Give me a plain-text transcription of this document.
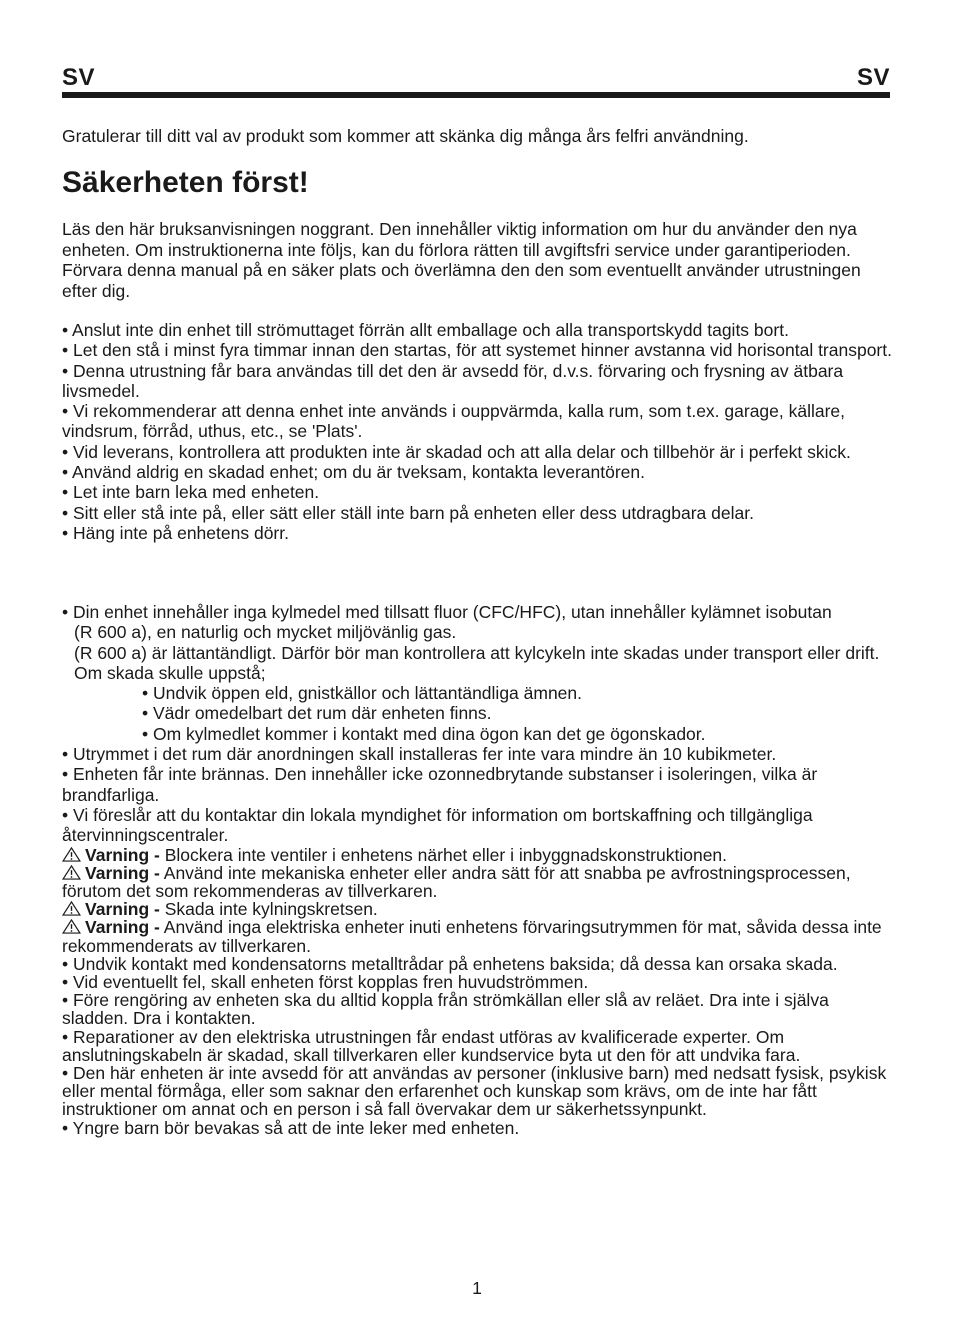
SV	SV
Gratulerar till ditt val av produkt som kommer att skänka dig många års felfri användning.
Säkerheten först!
Läs den här bruksanvisningen noggrant. Den innehåller viktig information om hur du använder den nya enheten. Om instruktionerna inte följs, kan du förlora rätten till avgiftsfri service under garantiperioden. Förvara denna manual på en säker plats och överlämna den den som eventuellt använder utrustningen efter dig.

• Anslut inte din enhet till strömuttaget förrän allt emballage och alla transportskydd tagits bort.

• Let den stå i minst fyra timmar innan den startas, för att systemet hinner avstanna vid horisontal transport.

• Denna utrustning får bara användas till det den är avsedd för, d.v.s. förvaring och frysning av ätbara livsmedel.

• Vi rekommenderar att denna enhet inte används i ouppvärmda, kalla rum, som t.ex. garage, källare, vindsrum, förråd, uthus, etc., se 'Plats'.

• Vid leverans, kontrollera att produkten inte är skadad och att alla delar och tillbehör är i perfekt skick.

• Använd aldrig en skadad enhet; om du är tveksam, kontakta leverantören.

• Let inte barn leka med enheten.

• Sitt eller stå inte på, eller sätt eller ställ inte barn på enheten eller dess utdragbara delar.

• Häng inte på enhetens dörr.

• Din enhet innehåller inga kylmedel med tillsatt fluor (CFC/HFC), utan innehåller kylämnet isobutan

(R 600 a), en naturlig och mycket miljövänlig gas.

(R 600 a) är lättantändligt. Därför bör man kontrollera att kylcykeln inte skadas under transport eller drift.

Om skada skulle uppstå;

• Undvik öppen eld, gnistkällor och lättantändliga ämnen.

• Vädr omedelbart det rum där enheten finns.

• Om kylmedlet kommer i kontakt med dina ögon kan det ge ögonskador.

• Utrymmet i det rum där anordningen skall installeras fer inte vara mindre än 10 kubikmeter.

• Enheten får inte brännas. Den innehåller icke ozonnedbrytande substanser i isoleringen, vilka är brandfarliga.

• Vi föreslår att du kontaktar din lokala myndighet för information om bortskaffning och tillgängliga återvinningscentraler.

Varning - Blockera inte ventiler i enhetens närhet eller i inbyggnadskonstruktionen.

Varning - Använd inte mekaniska enheter eller andra sätt för att snabba pe avfrostningsprocessen, förutom det som rekommenderas av tillverkaren.

Varning - Skada inte kylningskretsen.

Varning - Använd inga elektriska enheter inuti enhetens förvaringsutrymmen för mat, såvida dessa inte rekommenderats av tillverkaren.

• Undvik kontakt med kondensatorns metalltrådar på enhetens baksida; då dessa kan orsaka skada.

• Vid eventuellt fel, skall enheten först kopplas fren huvudströmmen.

• Före rengöring av enheten ska du alltid koppla från strömkällan eller slå av reläet. Dra inte i själva sladden. Dra i kontakten.

• Reparationer av den elektriska utrustningen får endast utföras av kvalificerade experter. Om anslutningskabeln är skadad, skall tillverkaren eller kundservice byta ut den för att undvika fara.

• Den här enheten är inte avsedd för att användas av personer (inklusive barn) med nedsatt fysisk, psykisk eller mental förmåga, eller som saknar den erfarenhet och kunskap som krävs, om de inte har fått instruktioner om annat och en person i så fall övervakar dem ur säkerhetssynpunkt.

• Yngre barn bör bevakas så att de inte leker med enheten.

1
